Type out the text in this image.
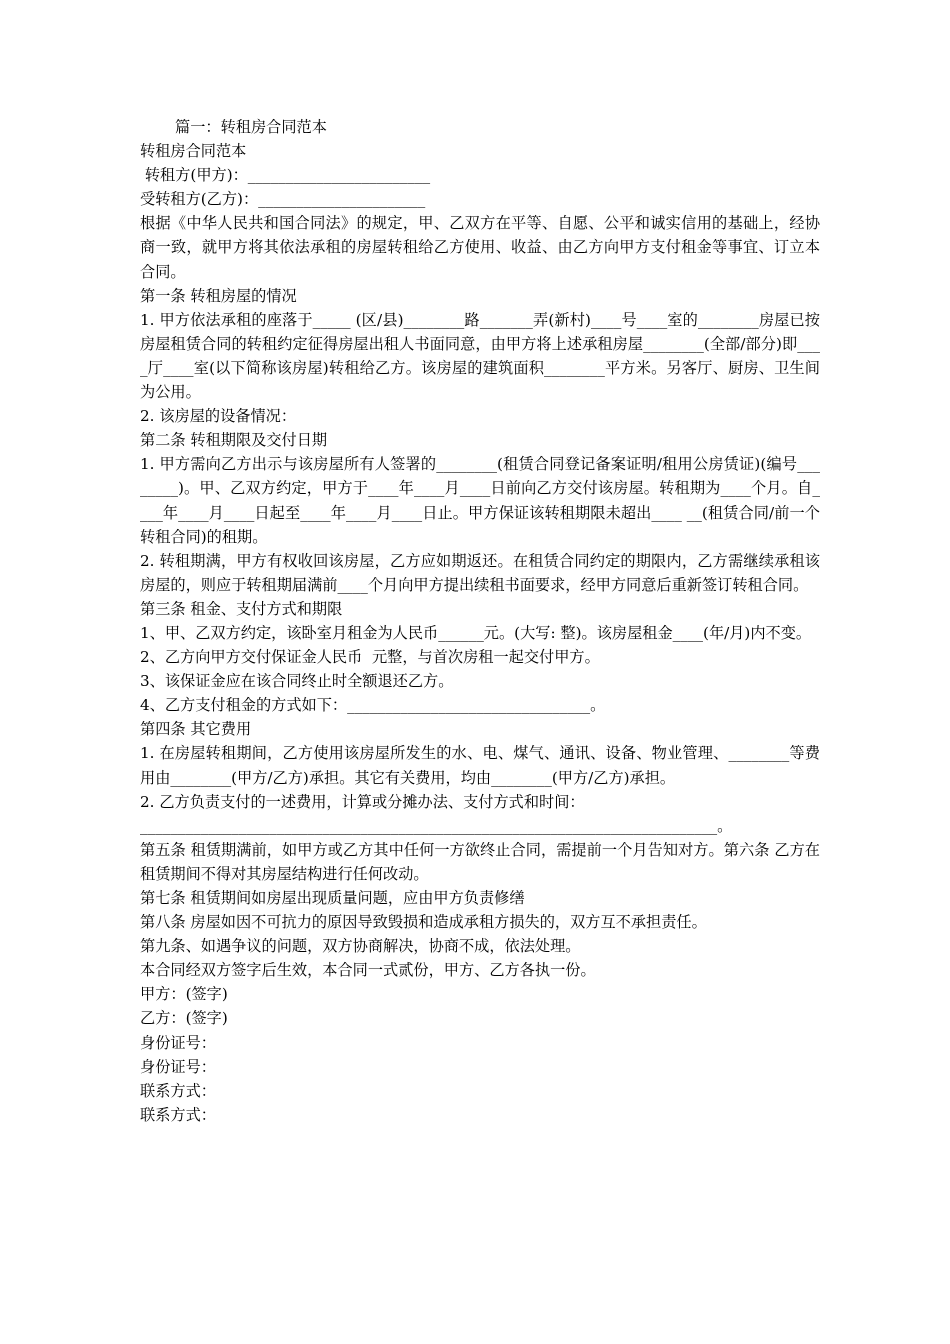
篇一：转租房合同范本
转租房合同范本
转租方(甲方)：________________________
受转租方(乙方)：______________________
根据《中华人民共和国合同法》的规定，甲、乙双方在平等、自愿、公平和诚实信用的基础上，经协商一致，就甲方将其依法承租的房屋转租给乙方使用、收益、由乙方向甲方支付租金等事宜、订立本合同。
第一条 转租房屋的情况
1. 甲方依法承租的座落于_____ (区/县)________路_______弄(新村)____号____室的________房屋已按房屋租赁合同的转租约定征得房屋出租人书面同意，由甲方将上述承租房屋________(全部/部分)即____厅____室(以下简称该房屋)转租给乙方。该房屋的建筑面积________平方米。另客厅、厨房、卫生间为公用。
2. 该房屋的设备情况：
第二条 转租期限及交付日期
1. 甲方需向乙方出示与该房屋所有人签署的________(租赁合同登记备案证明/租用公房赁证)(编号________)。甲、乙双方约定，甲方于____年____月____日前向乙方交付该房屋。转租期为____个月。自____年____月____日起至____年____月____日止。甲方保证该转租期限未超出____ __(租赁合同/前一个转租合同)的租期。
2. 转租期满，甲方有权收回该房屋，乙方应如期返还。在租赁合同约定的期限内，乙方需继续承租该房屋的，则应于转租期届满前____个月向甲方提出续租书面要求，经甲方同意后重新签订转租合同。
第三条 租金、支付方式和期限
1、甲、乙双方约定，该卧室月租金为人民币______元。(大写: 整)。该房屋租金____(年/月)内不变。
2、乙方向甲方交付保证金人民币  元整，与首次房租一起交付甲方。
3、该保证金应在该合同终止时全额退还乙方。
4、乙方支付租金的方式如下：________________________________。
第四条 其它费用
1. 在房屋转租期间，乙方使用该房屋所发生的水、电、煤气、通讯、设备、物业管理、________等费用由________(甲方/乙方)承担。其它有关费用，均由________(甲方/乙方)承担。
2. 乙方负责支付的一述费用，计算或分摊办法、支付方式和时间：
____________________________________________________________________________。
第五条 租赁期满前，如甲方或乙方其中任何一方欲终止合同，需提前一个月告知对方。第六条 乙方在租赁期间不得对其房屋结构进行任何改动。
第七条 租赁期间如房屋出现质量问题，应由甲方负责修缮
第八条 房屋如因不可抗力的原因导致毁损和造成承租方损失的，双方互不承担责任。
第九条、如遇争议的问题，双方协商解决，协商不成，依法处理。
本合同经双方签字后生效，本合同一式贰份，甲方、乙方各执一份。
甲方：(签字)
乙方：(签字)
身份证号：
身份证号：
联系方式：
联系方式：
